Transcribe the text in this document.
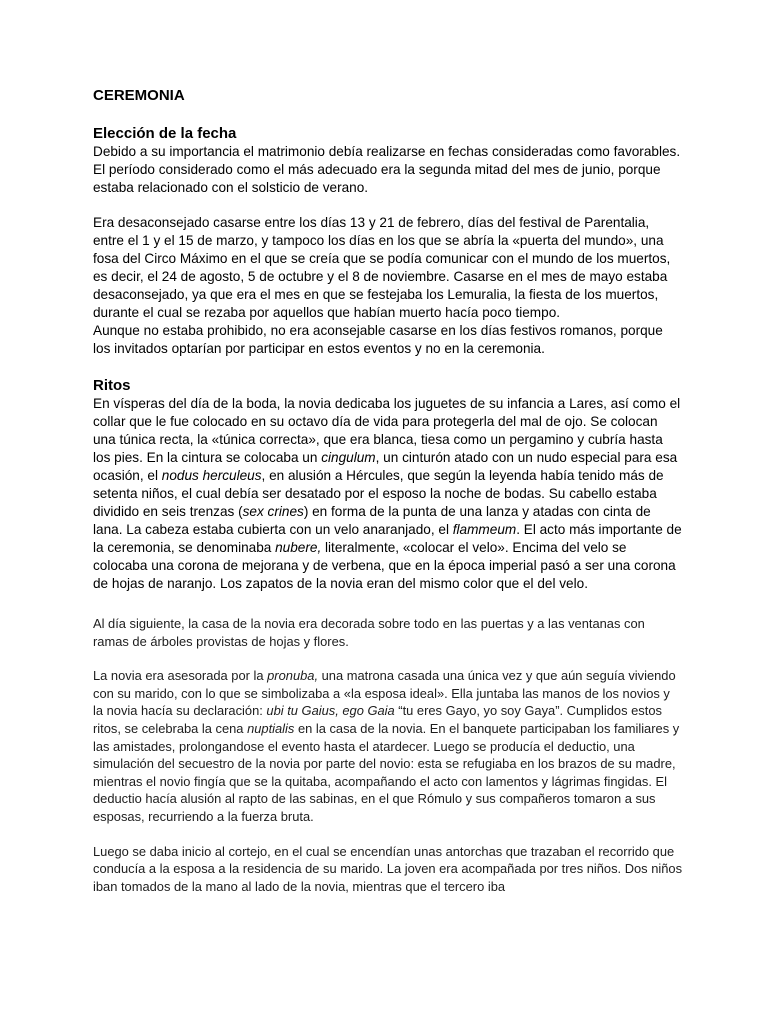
CEREMONIA
Elección de la fecha

Debido a su importancia el matrimonio debía realizarse en fechas consideradas como favorables. El período considerado como el más adecuado era la segunda mitad del mes de junio, porque estaba relacionado con el solsticio de verano.

Era desaconsejado casarse entre los días 13 y 21 de febrero, días del festival de Parentalia, entre el 1 y el 15 de marzo, y tampoco los días en los que se abría la «puerta del mundo», una fosa del Circo Máximo en el que se creía que se podía comunicar con el mundo de los muertos, es decir, el 24 de agosto, 5 de octubre y el 8 de noviembre. Casarse en el mes de mayo estaba desaconsejado, ya que era el mes en que se festejaba los Lemuralia, la fiesta de los muertos, durante el cual se rezaba por aquellos que habían muerto hacía poco tiempo.

Aunque no estaba prohibido, no era aconsejable casarse en los días festivos romanos, porque los invitados optarían por participar en estos eventos y no en la ceremonia.

Ritos

En vísperas del día de la boda, la novia dedicaba los juguetes de su infancia a Lares, así como el collar que le fue colocado en su octavo día de vida para protegerla del mal de ojo. Se colocan una túnica recta, la «túnica correcta», que era blanca, tiesa como un pergamino y cubría hasta los pies. En la cintura se colocaba un cingulum, un cinturón atado con un nudo especial para esa ocasión, el nodus herculeus, en alusión a Hércules, que según la leyenda había tenido más de setenta niños, el cual debía ser desatado por el esposo la noche de bodas. Su cabello estaba dividido en seis trenzas (sex crines) en forma de la punta de una lanza y atadas con cinta de lana. La cabeza estaba cubierta con un velo anaranjado, el flammeum. El acto más importante de la ceremonia, se denominaba nubere, literalmente, «colocar el velo». Encima del velo se colocaba una corona de mejorana y de verbena, que en la época imperial pasó a ser una corona de hojas de naranjo. Los zapatos de la novia eran del mismo color que el del velo.

Al día siguiente, la casa de la novia era decorada sobre todo en las puertas y a las ventanas con ramas de árboles provistas de hojas y flores.

La novia era asesorada por la pronuba, una matrona casada una única vez y que aún seguía viviendo con su marido, con lo que se simbolizaba a «la esposa ideal». Ella juntaba las manos de los novios y la novia hacía su declaración: ubi tu Gaius, ego Gaia “tu eres Gayo, yo soy Gaya”. Cumplidos estos ritos, se celebraba la cena nuptialis en la casa de la novia. En el banquete participaban los familiares y las amistades, prolongandose el evento hasta el atardecer. Luego se producía el deductio, una simulación del secuestro de la novia por parte del novio: esta se refugiaba en los brazos de su madre, mientras el novio fingía que se la quitaba, acompañando el acto con lamentos y lágrimas fingidas. El deductio hacía alusión al rapto de las sabinas, en el que Rómulo y sus compañeros tomaron a sus esposas, recurriendo a la fuerza bruta.

Luego se daba inicio al cortejo, en el cual se encendían unas antorchas que trazaban el recorrido que conducía a la esposa a la residencia de su marido. La joven era acompañada por tres niños. Dos niños iban tomados de la mano al lado de la novia, mientras que el tercero iba
